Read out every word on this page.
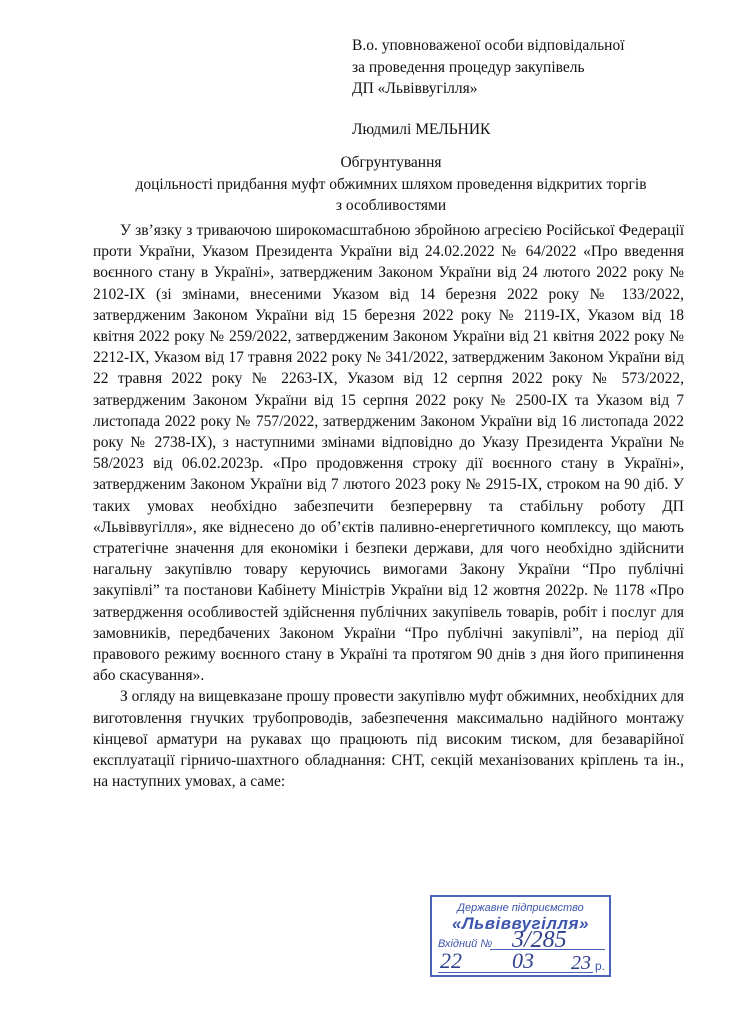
В.о. уповноваженої особи відповідальної
за проведення процедур закупівель
ДП «Львіввугілля»
Людмилі МЕЛЬНИК
Обгрунтування
доцільності придбання муфт обжимних шляхом проведення відкритих торгів
з особливостями

У зв’язку з триваючою широкомасштабною збройною агресією Російської Федерації проти України, Указом Президента України від 24.02.2022 № 64/2022 «Про введення воєнного стану в Україні», затвердженим Законом України від 24 лютого 2022 року № 2102-ІХ (зі змінами, внесеними Указом від 14 березня 2022 року № 133/2022, затвердженим Законом України від 15 березня 2022 року № 2119-ІХ, Указом від 18 квітня 2022 року № 259/2022, затвердженим Законом України від 21 квітня 2022 року № 2212-ІХ, Указом від 17 травня 2022 року № 341/2022, затвердженим Законом України від 22 травня 2022 року № 2263-ІХ, Указом від 12 серпня 2022 року № 573/2022, затвердженим Законом України від 15 серпня 2022 року № 2500-ІХ та Указом від 7 листопада 2022 року № 757/2022, затвердженим Законом України від 16 листопада 2022 року № 2738-ІХ), з наступними змінами відповідно до Указу Президента України № 58/2023 від 06.02.2023р. «Про продовження строку дії воєнного стану в Україні», затвердженим Законом України від 7 лютого 2023 року № 2915-ІХ, строком на 90 діб. У таких умовах необхідно забезпечити безперервну та стабільну роботу ДП «Львіввугілля», яке віднесено до об’єктів паливно-енергетичного комплексу, що мають стратегічне значення для економіки і безпеки держави, для чого необхідно здійснити нагальну закупівлю товару керуючись вимогами Закону України “Про публічні закупівлі” та постанови Кабінету Міністрів України від 12 жовтня 2022р. № 1178 «Про затвердження особливостей здійснення публічних закупівель товарів, робіт і послуг для замовників, передбачених Законом України “Про публічні закупівлі”, на період дії правового режиму воєнного стану в Україні та протягом 90 днів з дня його припинення або скасування».

З огляду на вищевказане прошу провести закупівлю муфт обжимних, необхідних для виготовлення гнучких трубопроводів, забезпечення максимально надійного монтажу кінцевої арматури на рукавах що працюють під високим тиском, для безаварійної експлуатації гірничо-шахтного обладнання: СНТ, секцій механізованих кріплень та ін., на наступних умовах, а саме:

Державне підприємство
«Львіввугілля»
Вхідний № 3/285
22 03 23 р.
